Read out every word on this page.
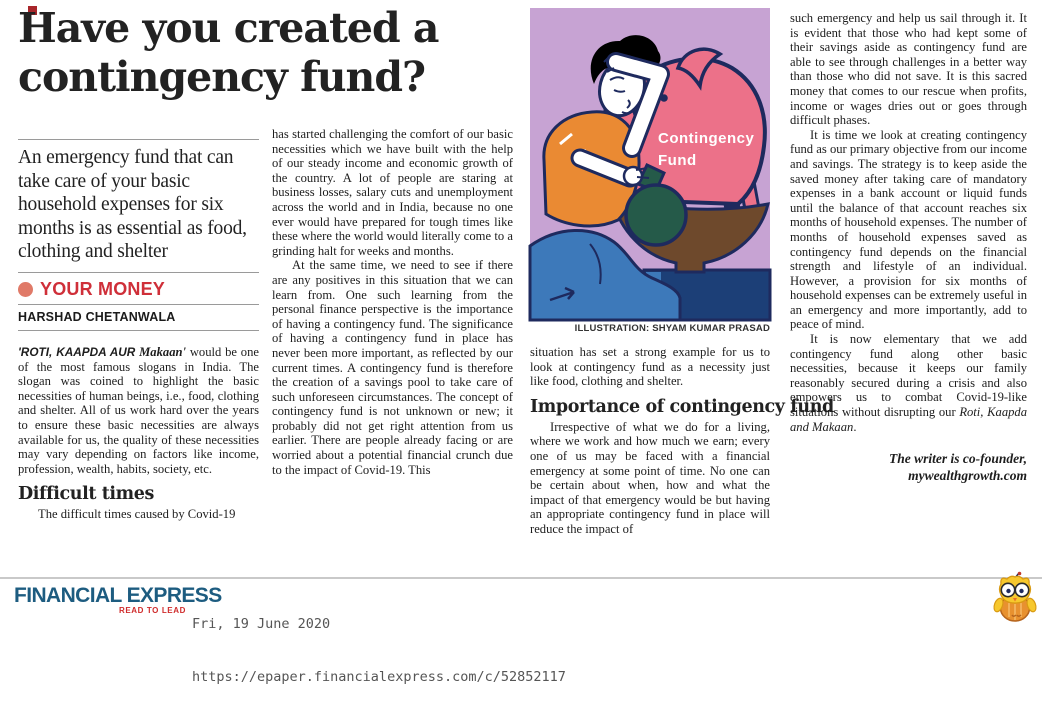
Have you created a
contingency fund?
An emergency fund that can take care of your basic household expenses for six months is as essential as food, clothing and shelter
YOUR MONEY
HARSHAD CHETANWALA

'ROTI, KAAPDA AUR Makaan' would be one of the most famous slogans in India. The slogan was coined to highlight the basic necessities of human beings, i.e., food, clothing and shelter. All of us work hard over the years to ensure these basic necessities are always available for us, the quality of these necessities may vary depending on factors like income, profession, wealth, habits, society, etc.

Difficult times

The difficult times caused by Covid-19

has started challenging the comfort of our basic necessities which we have built with the help of our steady income and economic growth of the country. A lot of people are staring at business losses, salary cuts and unemployment across the world and in India, because no one ever would have prepared for tough times like these where the world would literally come to a grinding halt for weeks and months.

At the same time, we need to see if there are any positives in this situation that we can learn from. One such learning from the personal finance perspective is the importance of having a contingency fund. The significance of having a contingency fund in place has never been more important, as reflected by our current times. A contingency fund is therefore the creation of a savings pool to take care of such unforeseen circumstances. The concept of contingency fund is not unknown or new; it probably did not get right attention from us earlier. There are people already facing or are worried about a potential financial crunch due to the impact of Covid-19. This

Contingency
Fund
ILLUSTRATION: SHYAM KUMAR PRASAD

situation has set a strong example for us to look at contingency fund as a necessity just like food, clothing and shelter.

Importance of contingency fund

Irrespective of what we do for a living, where we work and how much we earn; every one of us may be faced with a financial emergency at some point of time. No one can be certain about when, how and what the impact of that emergency would be but having an appropriate contingency fund in place will reduce the impact of

such emergency and help us sail through it. It is evident that those who had kept some of their savings aside as contingency fund are able to see through challenges in a better way than those who did not save. It is this sacred money that comes to our rescue when profits, income or wages dries out or goes through difficult phases.

It is time we look at creating contingency fund as our primary objective from our income and savings. The strategy is to keep aside the saved money after taking care of mandatory expenses in a bank account or liquid funds until the balance of that account reaches six months of household expenses. The number of months of household expenses saved as contingency fund depends on the financial strength and lifestyle of an individual. However, a provision for six months of household expenses can be extremely useful in an emergency and more importantly, add to peace of mind.

It is now elementary that we add contingency fund along other basic necessities, because it keeps our family reasonably secured during a crisis and also empowers us to combat Covid-19-like situations without disrupting our Roti, Kaapda and Makaan.

The writer is co-founder,
mywealthgrowth.com

FINANCIAL EXPRESS
READ TO LEAD

Fri, 19 June 2020

https://epaper.financialexpress.com/c/52852117
